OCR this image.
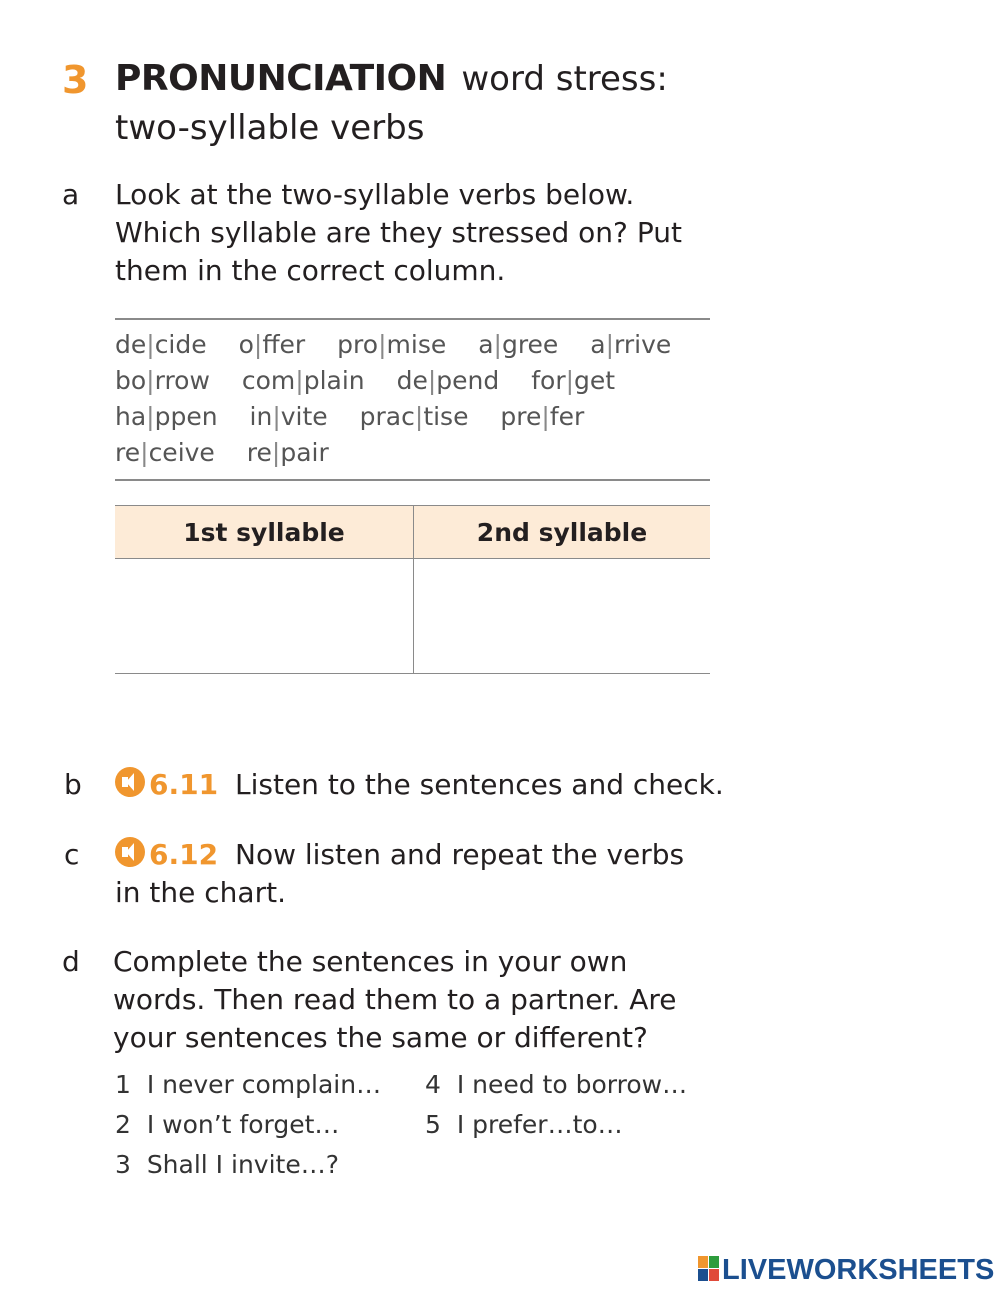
3 PRONUNCIATION word stress:
two-syllable verbs
a Look at the two-syllable verbs below.
Which syllable are they stressed on? Put
them in the correct column.
de|cide o|ffer pro|mise a|gree a|rrive
bo|rrow com|plain de|pend for|get
ha|ppen in|vite prac|tise pre|fer
re|ceive re|pair
1st syllable	2nd syllable

b	6.11 Listen to the sentences and check.
c	6.12 Now listen and repeat the verbs
in the chart.
d Complete the sentences in your own
words. Then read them to a partner. Are
your sentences the same or different?
1 I never complain… 4 I need to borrow…
2 I won’t forget…	5 I prefer…to…
3 Shall I invite…?
LIVEWORKSHEETS
